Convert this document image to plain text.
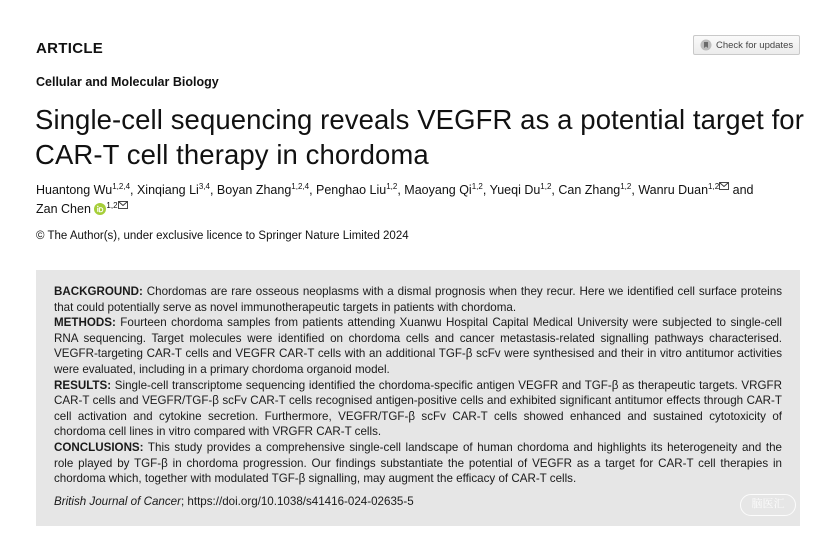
ARTICLE	Check for updates
Cellular and Molecular Biology
Single-cell sequencing reveals VEGFR as a potential target for CAR-T cell therapy in chordoma
Huantong Wu$^{1,2,4}$, Xinqiang Li$^{3,4}$, Boyan Zhang$^{1,2,4}$, Penghao Liu$^{1,2}$, Maoyang Qi$^{1,2}$, Yueqi Du$^{1,2}$, Can Zhang$^{1,2}$, Wanru Duan$^{1,2}$ and
Zan Chen $^{1,2}$
© The Author(s), under exclusive licence to Springer Nature Limited 2024

BACKGROUND: Chordomas are rare osseous neoplasms with a dismal prognosis when they recur. Here we identified cell surface proteins that could potentially serve as novel immunotherapeutic targets in patients with chordoma.
METHODS: Fourteen chordoma samples from patients attending Xuanwu Hospital Capital Medical University were subjected to single-cell RNA sequencing. Target molecules were identified on chordoma cells and cancer metastasis-related signalling pathways characterised. VEGFR-targeting CAR-T cells and VEGFR CAR-T cells with an additional TGF-β scFv were synthesised and their in vitro antitumor activities were evaluated, including in a primary chordoma organoid model.
RESULTS: Single-cell transcriptome sequencing identified the chordoma-specific antigen VEGFR and TGF-β as therapeutic targets. VRGFR CAR-T cells and VEGFR/TGF-β scFv CAR-T cells recognised antigen-positive cells and exhibited significant antitumor effects through CAR-T cell activation and cytokine secretion. Furthermore, VEGFR/TGF-β scFv CAR-T cells showed enhanced and sustained cytotoxicity of chordoma cell lines in vitro compared with VRGFR CAR-T cells.
CONCLUSIONS: This study provides a comprehensive single-cell landscape of human chordoma and highlights its heterogeneity and the role played by TGF-β in chordoma progression. Our findings substantiate the potential of VEGFR as a target for CAR-T cell therapies in chordoma which, together with modulated TGF-β signalling, may augment the efficacy of CAR-T cells.

British Journal of Cancer; https://doi.org/10.1038/s41416-024-02635-5	脑医汇
